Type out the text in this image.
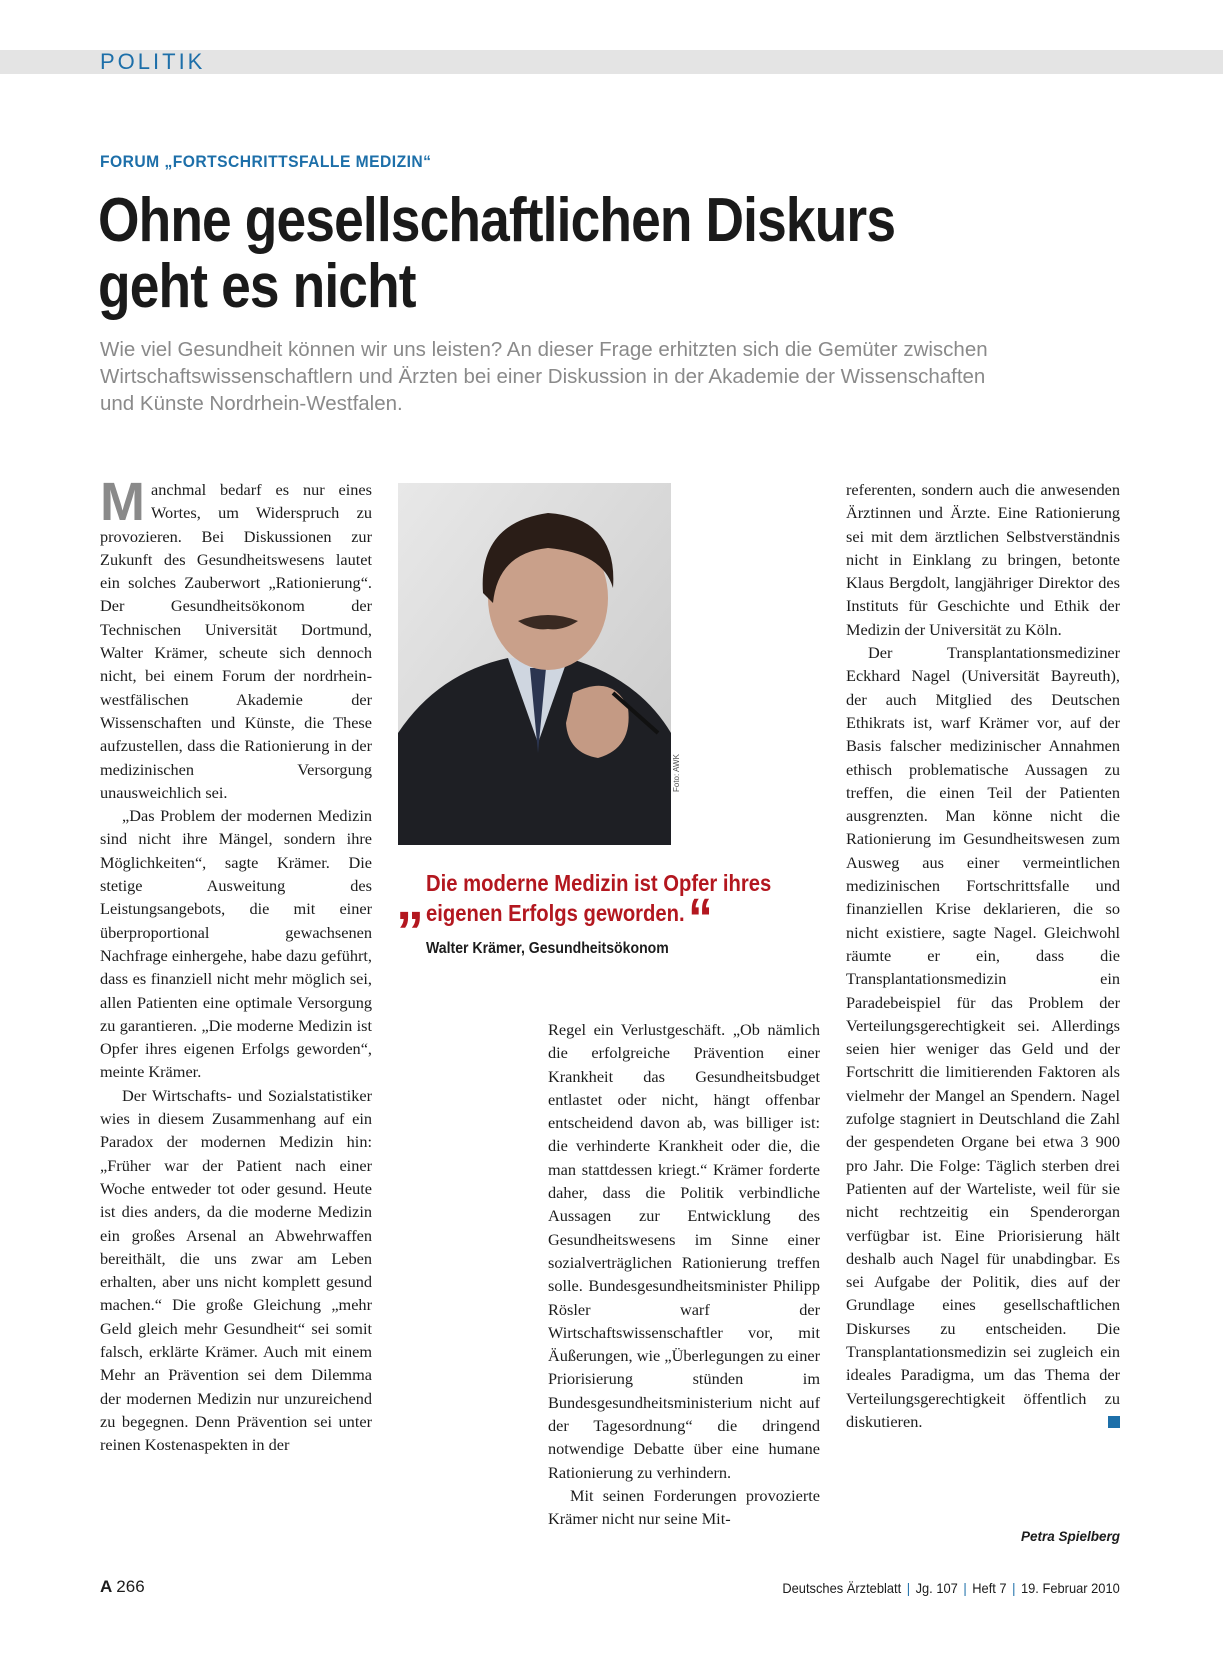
POLITIK
FORUM „FORTSCHRITTSFALLE MEDIZIN“
Ohne gesellschaftlichen Diskurs
geht es nicht

Wie viel Gesundheit können wir uns leisten? An dieser Frage erhitzten sich die Gemüter zwischen Wirtschaftswissenschaftlern und Ärzten bei einer Diskussion in der Akademie der Wissenschaften und Künste Nordrhein-Westfalen.

Manchmal bedarf es nur eines Wortes, um Widerspruch zu provozieren. Bei Diskussionen zur Zukunft des Gesundheitswesens lautet ein solches Zauberwort „Rationierung“. Der Gesundheitsökonom der Technischen Universität Dortmund, Walter Krämer, scheute sich dennoch nicht, bei einem Forum der nordrhein-westfälischen Akademie der Wissenschaften und Künste, die These aufzustellen, dass die Rationierung in der medizinischen Versorgung unausweichlich sei.

„Das Problem der modernen Medizin sind nicht ihre Mängel, sondern ihre Möglichkeiten“, sagte Krämer. Die stetige Ausweitung des Leistungsangebots, die mit einer überproportional gewachsenen Nachfrage einhergehe, habe dazu geführt, dass es finanziell nicht mehr möglich sei, allen Patienten eine optimale Versorgung zu garantieren. „Die moderne Medizin ist Opfer ihres eigenen Erfolgs geworden“, meinte Krämer.

Der Wirtschafts- und Sozialstatistiker wies in diesem Zusammenhang auf ein Paradox der modernen Medizin hin: „Früher war der Patient nach einer Woche entweder tot oder gesund. Heute ist dies anders, da die moderne Medizin ein großes Arsenal an Abwehrwaffen bereithält, die uns zwar am Leben erhalten, aber uns nicht komplett gesund machen.“ Die große Gleichung „mehr Geld gleich mehr Gesundheit“ sei somit falsch, erklärte Krämer. Auch mit einem Mehr an Prävention sei dem Dilemma der modernen Medizin nur unzureichend zu begegnen. Denn Prävention sei unter reinen Kostenaspekten in der

Foto: AWK
„ Die moderne Medizin ist Opfer ihres eigenen Erfolgs geworden.“

Walter Krämer, Gesundheitsökonom

Regel ein Verlustgeschäft. „Ob nämlich die erfolgreiche Prävention einer Krankheit das Gesundheitsbudget entlastet oder nicht, hängt offenbar entscheidend davon ab, was billiger ist: die verhinderte Krankheit oder die, die man stattdessen kriegt.“ Krämer forderte daher, dass die Politik verbindliche Aussagen zur Entwicklung des Gesundheitswesens im Sinne einer sozialverträglichen Rationierung treffen solle. Bundesgesundheitsminister Philipp Rösler warf der Wirtschaftswissenschaftler vor, mit Äußerungen, wie „Überlegungen zu einer Priorisierung stünden im Bundesgesundheitsministerium nicht auf der Tagesordnung“ die dringend notwendige Debatte über eine humane Rationierung zu verhindern.

Mit seinen Forderungen provozierte Krämer nicht nur seine Mit-

referenten, sondern auch die anwesenden Ärztinnen und Ärzte. Eine Rationierung sei mit dem ärztlichen Selbstverständnis nicht in Einklang zu bringen, betonte Klaus Bergdolt, langjähriger Direktor des Instituts für Geschichte und Ethik der Medizin der Universität zu Köln.

Der Transplantationsmediziner Eckhard Nagel (Universität Bayreuth), der auch Mitglied des Deutschen Ethikrats ist, warf Krämer vor, auf der Basis falscher medizinischer Annahmen ethisch problematische Aussagen zu treffen, die einen Teil der Patienten ausgrenzten. Man könne nicht die Rationierung im Gesundheitswesen zum Ausweg aus einer vermeintlichen medizinischen Fortschrittsfalle und finanziellen Krise deklarieren, die so nicht existiere, sagte Nagel. Gleichwohl räumte er ein, dass die Transplantationsmedizin ein Paradebeispiel für das Problem der Verteilungsgerechtigkeit sei. Allerdings seien hier weniger das Geld und der Fortschritt die limitierenden Faktoren als vielmehr der Mangel an Spendern. Nagel zufolge stagniert in Deutschland die Zahl der gespendeten Organe bei etwa 3 900 pro Jahr. Die Folge: Täglich sterben drei Patienten auf der Warteliste, weil für sie nicht rechtzeitig ein Spenderorgan verfügbar ist. Eine Priorisierung hält deshalb auch Nagel für unabdingbar. Es sei Aufgabe der Politik, dies auf der Grundlage eines gesellschaftlichen Diskurses zu entscheiden. Die Transplantationsmedizin sei zugleich ein ideales Paradigma, um das Thema der Verteilungsgerechtigkeit öffentlich zu diskutieren.

Petra Spielberg
A 266	Deutsches Ärzteblatt | Jg. 107 | Heft 7 | 19. Februar 2010
